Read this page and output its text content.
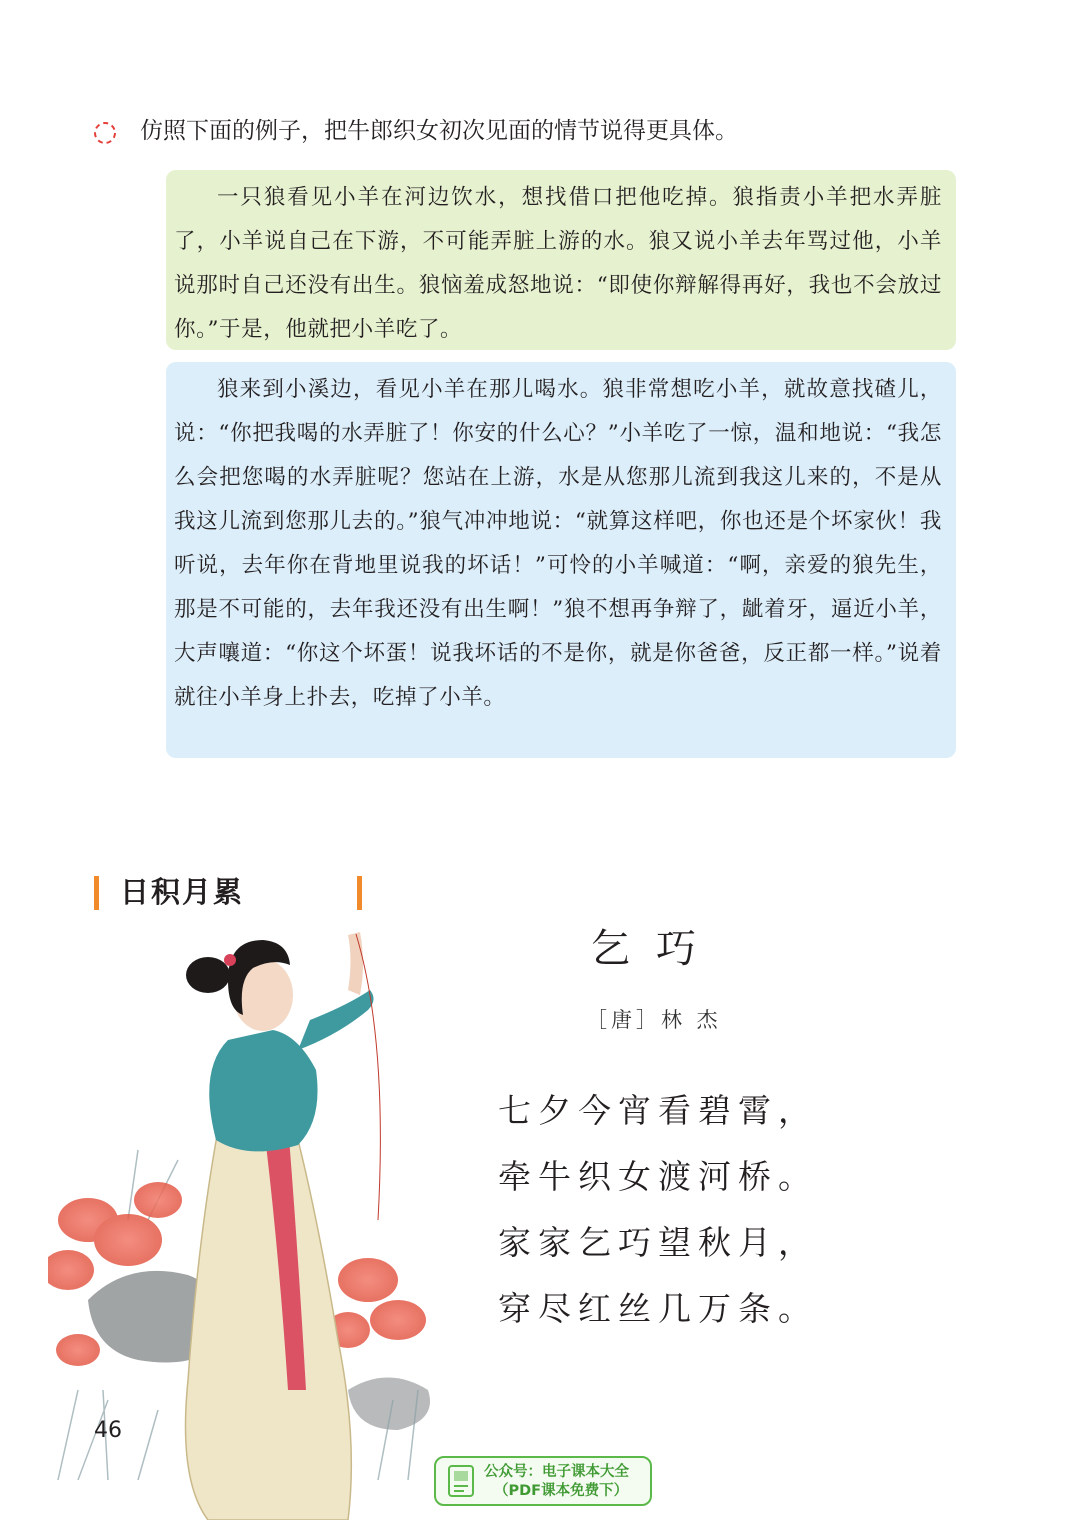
仿照下面的例子，把牛郎织女初次见面的情节说得更具体。

一只狼看见小羊在河边饮水，想找借口把他吃掉。狼指责小羊把水弄脏了，小羊说自己在下游，不可能弄脏上游的水。狼又说小羊去年骂过他，小羊说那时自己还没有出生。狼恼羞成怒地说：“即使你辩解得再好，我也不会放过你。”于是，他就把小羊吃了。

狼来到小溪边，看见小羊在那儿喝水。狼非常想吃小羊，就故意找碴儿，说：“你把我喝的水弄脏了！你安的什么心？”小羊吃了一惊，温和地说：“我怎么会把您喝的水弄脏呢？您站在上游，水是从您那儿流到我这儿来的，不是从我这儿流到您那儿去的。”狼气冲冲地说：“就算这样吧，你也还是个坏家伙！我听说，去年你在背地里说我的坏话！”可怜的小羊喊道：“啊，亲爱的狼先生，那是不可能的，去年我还没有出生啊！”狼不想再争辩了，龇着牙，逼近小羊，大声嚷道：“你这个坏蛋！说我坏话的不是你，就是你爸爸，反正都一样。”说着就往小羊身上扑去，吃掉了小羊。

日积月累
乞巧
［唐］林 杰
七夕今宵看碧霄，
牵牛织女渡河桥。
家家乞巧望秋月，
穿尽红丝几万条。
46
公众号：电子课本大全
（PDF课本免费下）
